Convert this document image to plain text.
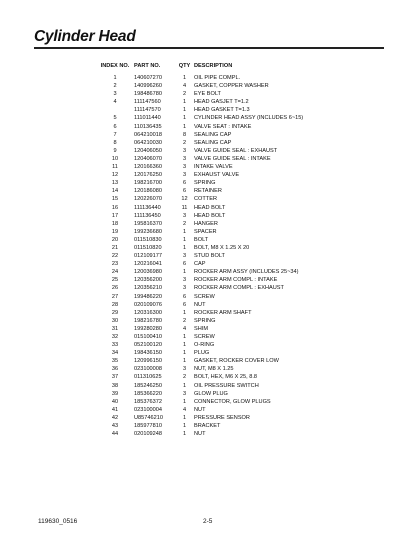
Cylinder Head
INDEX NO.	PART NO.	QTY	DESCRIPTION
1	140607270	1	OIL PIPE COMPL.
2	140996260	4	GASKET, COPPER WASHER
3	198486780	2	EYE BOLT
4	111147560	1	HEAD GASJET T=1.2
	111147570	1	HEAD GASKET T=1.3
5	111011440	1	CYLINDER HEAD ASSY (INCLUDES 6~15)
6	110136435	1	VALVE SEAT : INTAKE
7	064210018	8	SEALING CAP
8	064210030	2	SEALING CAP
9	120406050	3	VALVE GUIDE SEAL : EXHAUST
10	120406070	3	VALVE GUIDE SEAL : INTAKE
11	120166360	3	INTAKE VALVE
12	120176250	3	EXHAUST VALVE
13	198216700	6	SPRING
14	120186080	6	RETAINER
15	120226070	12	COTTER
16	111136440	11	HEAD BOLT
17	111136450	3	HEAD BOLT
18	195816370	2	HANGER
19	199236680	1	SPACER
20	011510830	1	BOLT
21	011510820	1	BOLT, M8 X 1.25 X 20
22	012109177	3	STUD BOLT
23	120216041	6	CAP
24	120036980	1	ROCKER ARM ASSY (INCLUDES 25~34)
25	120356200	3	ROCKER ARM COMPL : INTAKE
26	120356210	3	ROCKER ARM COMPL : EXHAUST
27	199486220	6	SCREW
28	020109076	6	NUT
29	120316300	1	ROCKER ARM SHAFT
30	198216780	2	SPRING
31	199280280	4	SHIM
32	015100410	1	SCREW
33	052100120	1	O-RING
34	198436150	1	PLUG
35	120996150	1	GASKET, ROCKER COVER LOW
36	023100008	3	NUT, M8 X 1.25
37	011310625	2	BOLT, HEX, M6 X 25, 8.8
38	185246250	1	OIL PRESSURE SWITCH
39	185366220	3	GLOW PLUG
40	185376372	1	CONNECTOR, GLOW PLUGS
41	023100004	4	NUT
42	U85746210	1	PRESSURE SENSOR
43	185977810	1	BRACKET
44	020109248	1	NUT
119630_0516	2-5
